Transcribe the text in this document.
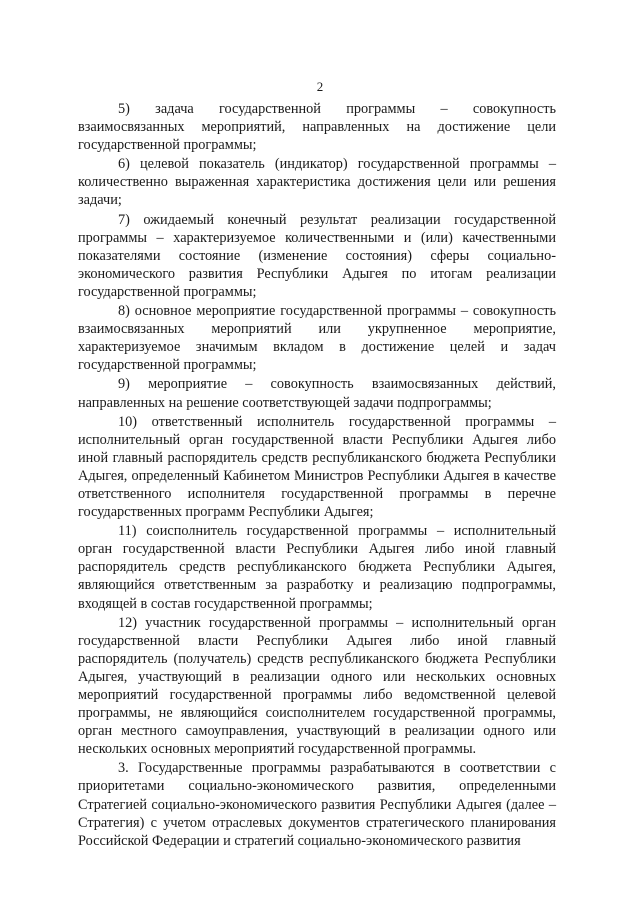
2

5) задача государственной программы – совокупность взаимосвязанных мероприятий, направленных на достижение цели государственной программы;

6) целевой показатель (индикатор) государственной программы – количественно выраженная характеристика достижения цели или решения задачи;

7) ожидаемый конечный результат реализации государственной программы – характеризуемое количественными и (или) качественными показателями состояние (изменение состояния) сферы социально-экономического развития Республики Адыгея по итогам реализации государственной программы;

8) основное мероприятие государственной программы – совокупность взаимосвязанных мероприятий или укрупненное мероприятие, характеризуемое значимым вкладом в достижение целей и задач государственной программы;

9) мероприятие – совокупность взаимосвязанных действий, направленных на решение соответствующей задачи подпрограммы;

10) ответственный исполнитель государственной программы – исполнительный орган государственной власти Республики Адыгея либо иной главный распорядитель средств республиканского бюджета Республики Адыгея, определенный Кабинетом Министров Республики Адыгея в качестве ответственного исполнителя государственной программы в перечне государственных программ Республики Адыгея;

11) соисполнитель государственной программы – исполнительный орган государственной власти Республики Адыгея либо иной главный распорядитель средств республиканского бюджета Республики Адыгея, являющийся ответственным за разработку и реализацию подпрограммы, входящей в состав государственной программы;

12) участник государственной программы – исполнительный орган государственной власти Республики Адыгея либо иной главный распорядитель (получатель) средств республиканского бюджета Республики Адыгея, участвующий в реализации одного или нескольких основных мероприятий государственной программы либо ведомственной целевой программы, не являющийся соисполнителем государственной программы, орган местного самоуправления, участвующий в реализации одного или нескольких основных мероприятий государственной программы.

3. Государственные программы разрабатываются в соответствии с приоритетами социально-экономического развития, определенными Стратегией социально-экономического развития Республики Адыгея (далее – Стратегия) с учетом отраслевых документов стратегического планирования Российской Федерации и стратегий социально-экономического развития
